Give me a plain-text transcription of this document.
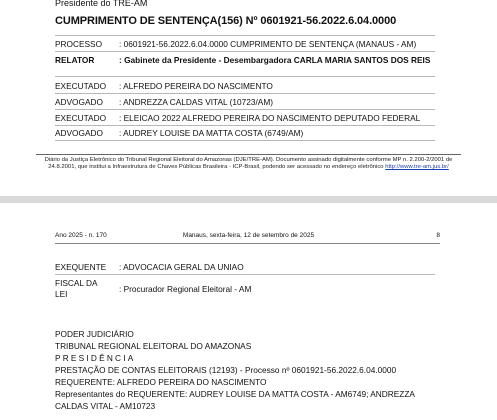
Presidente do TRE-AM
CUMPRIMENTO DE SENTENÇA(156) Nº 0601921-56.2022.6.04.0000
PROCESSO	: 0601921-56.2022.6.04.0000 CUMPRIMENTO DE SENTENÇA (MANAUS - AM)
RELATOR	: Gabinete da Presidente - Desembargadora CARLA MARIA SANTOS DOS REIS
EXECUTADO	: ALFREDO PEREIRA DO NASCIMENTO
ADVOGADO	: ANDREZZA CALDAS VITAL (10723/AM)
EXECUTADO	: ELEICAO 2022 ALFREDO PEREIRA DO NASCIMENTO DEPUTADO FEDERAL
ADVOGADO	: AUDREY LOUISE DA MATTA COSTA (6749/AM)
Diário da Justiça Eletrônico do Tribunal Regional Eleitoral do Amazonas (DJE/TRE-AM). Documento assinado digitalmente conforme MP n. 2.200-2/2001 de 24.8.2001, que institui a Infraestrutura de Chaves Públicas Brasileira - ICP-Brasil, podendo ser acessado no endereço eletrônico http://www.tre-am.jus.br/
Ano 2025 - n. 170	Manaus, sexta-feira, 12 de setembro de 2025	8
EXEQUENTE	: ADVOCACIA GERAL DA UNIAO
FISCAL DA
LEI	: Procurador Regional Eleitoral - AM
PODER JUDICIÁRIO
TRIBUNAL REGIONAL ELEITORAL DO AMAZONAS
PRESIDÊNCIA
PRESTAÇÃO DE CONTAS ELEITORAIS (12193) - Processo nº 0601921-56.2022.6.04.0000
REQUERENTE: ALFREDO PEREIRA DO NASCIMENTO
Representantes do REQUERENTE: AUDREY LOUISE DA MATTA COSTA - AM6749; ANDREZZA
CALDAS VITAL - AM10723
